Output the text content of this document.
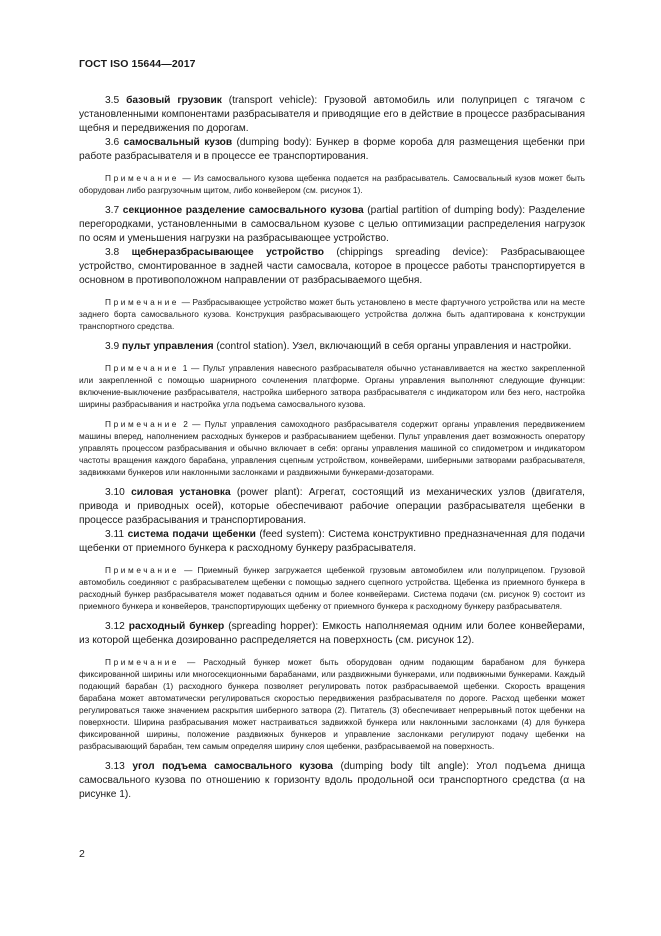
ГОСТ ISO 15644—2017

3.5 базовый грузовик (transport vehicle): Грузовой автомобиль или полуприцеп с тягачом с установленными компонентами разбрасывателя и приводящие его в действие в процессе разбрасывания щебня и передвижения по дорогам.

3.6 самосвальный кузов (dumping body): Бункер в форме короба для размещения щебенки при работе разбрасывателя и в процессе ее транспортирования.

Примечание — Из самосвального кузова щебенка подается на разбрасыватель. Самосвальный кузов может быть оборудован либо разгрузочным щитом, либо конвейером (см. рисунок 1).

3.7 секционное разделение самосвального кузова (partial partition of dumping body): Разделение перегородками, установленными в самосвальном кузове с целью оптимизации распределения нагрузок по осям и уменьшения нагрузки на разбрасывающее устройство.

3.8 щебнеразбрасывающее устройство (chippings spreading device): Разбрасывающее устройство, смонтированное в задней части самосвала, которое в процессе работы транспортируется в основном в противоположном направлении от разбрасываемого щебня.

Примечание — Разбрасывающее устройство может быть установлено в месте фартучного устройства или на месте заднего борта самосвального кузова. Конструкция разбрасывающего устройства должна быть адаптирована к конструкции транспортного средства.

3.9 пульт управления (control station). Узел, включающий в себя органы управления и настройки.

Примечание 1 — Пульт управления навесного разбрасывателя обычно устанавливается на жестко закрепленной или закрепленной с помощью шарнирного сочленения платформе. Органы управления выполняют следующие функции: включение-выключение разбрасывателя, настройка шиберного затвора разбрасывателя с индикатором или без него, настройка ширины разбрасывания и настройка угла подъема самосвального кузова.

Примечание 2 — Пульт управления самоходного разбрасывателя содержит органы управления передвижением машины вперед, наполнением расходных бункеров и разбрасыванием щебенки. Пульт управления дает возможность оператору управлять процессом разбрасывания и обычно включает в себя: органы управления машиной со спидометром и индикатором частоты вращения каждого барабана, управления сцепным устройством, конвейерами, шиберными затворами разбрасывателя, задвижками бункеров или наклонными заслонками и раздвижными бункерами-дозаторами.

3.10 силовая установка (power plant): Агрегат, состоящий из механических узлов (двигателя, привода и приводных осей), которые обеспечивают рабочие операции разбрасывателя щебенки в процессе разбрасывания и транспортирования.

3.11 система подачи щебенки (feed system): Система конструктивно предназначенная для подачи щебенки от приемного бункера к расходному бункеру разбрасывателя.

Примечание — Приемный бункер загружается щебенкой грузовым автомобилем или полуприцепом. Грузовой автомобиль соединяют с разбрасывателем щебенки с помощью заднего сцепного устройства. Щебенка из приемного бункера в расходный бункер разбрасывателя может подаваться одним и более конвейерами. Система подачи (см. рисунок 9) состоит из приемного бункера и конвейеров, транспортирующих щебенку от приемного бункера к расходному бункеру разбрасывателя.

3.12 расходный бункер (spreading hopper): Емкость наполняемая одним или более конвейерами, из которой щебенка дозированно распределяется на поверхность (см. рисунок 12).

Примечание — Расходный бункер может быть оборудован одним подающим барабаном для бункера фиксированной ширины или многосекционными барабанами, или раздвижными бункерами, или подвижными бункерами. Каждый подающий барабан (1) расходного бункера позволяет регулировать поток разбрасываемой щебенки. Скорость вращения барабана может автоматически регулироваться скоростью передвижения разбрасывателя по дороге. Расход щебенки может регулироваться также значением раскрытия шиберного затвора (2). Питатель (3) обеспечивает непрерывный поток щебенки на поверхности. Ширина разбрасывания может настраиваться задвижкой бункера или наклонными заслонками (4) для бункера фиксированной ширины, положение раздвижных бункеров и управление заслонками регулируют подачу щебенки на разбрасывающий барабан, тем самым определяя ширину слоя щебенки, разбрасываемой на поверхность.

3.13 угол подъема самосвального кузова (dumping body tilt angle): Угол подъема днища самосвального кузова по отношению к горизонту вдоль продольной оси транспортного средства (α на рисунке 1).

2
